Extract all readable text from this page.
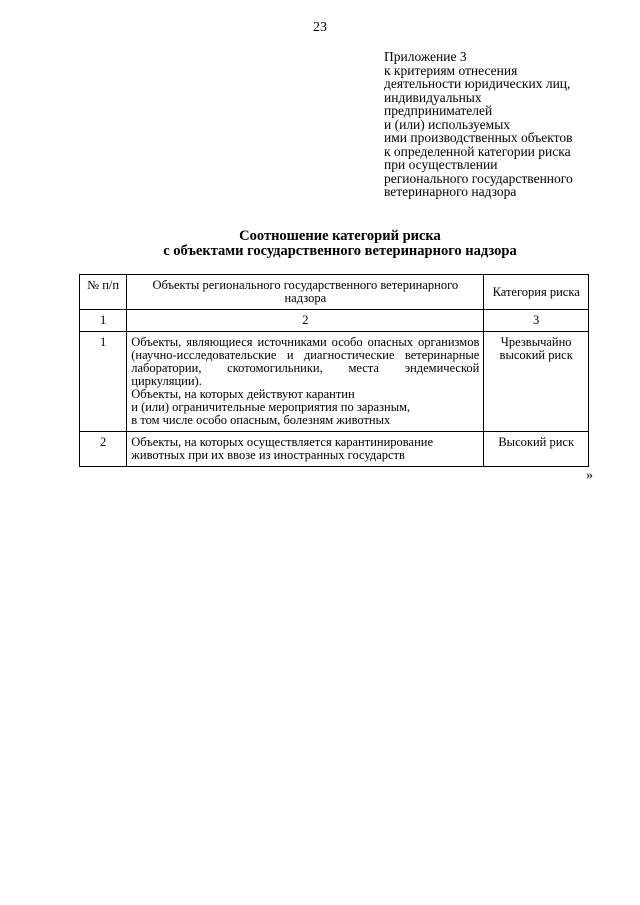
23
Приложение 3
к критериям отнесения
деятельности юридических лиц,
индивидуальных
предпринимателей
и (или) используемых
ими производственных объектов
к определенной категории риска
при осуществлении
регионального государственного
ветеринарного надзора
Соотношение категорий риска
с объектами государственного ветеринарного надзора
№ п/п	Объекты регионального государственного ветеринарного надзора	Категория риска
1	2	3
1	Объекты, являющиеся источниками особо опасных организмов (научно-исследовательские и диагностические ветеринарные лаборатории, скотомогильники, места эндемической циркуляции).
Объекты, на которых действуют карантин
и (или) ограничительные мероприятия по заразным,
в том числе особо опасным, болезням животных	Чрезвычайно высокий риск
2	Объекты, на которых осуществляется карантинирование
животных при их ввозе из иностранных государств	Высокий риск
»
